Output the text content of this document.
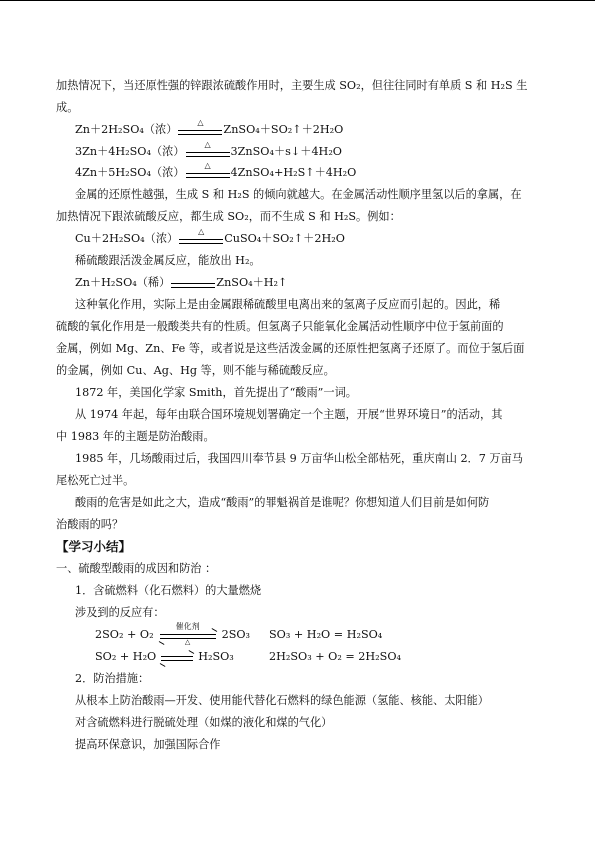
加热情况下，当还原性强的锌跟浓硫酸作用时，主要生成 SO₂，但往往同时有单质 S 和 H₂S 生
成。
Zn＋2H₂SO₄（浓）
△
ZnSO₄＋SO₂↑＋2H₂O
3Zn＋4H₂SO₄（浓）
△
3ZnSO₄＋s↓＋4H₂O
4Zn＋5H₂SO₄（浓）
△
4ZnSO₄+H₂S↑＋4H₂O
金属的还原性越强，生成 S 和 H₂S 的倾向就越大。在金属活动性顺序里氢以后的拿属，在
加热情况下跟浓硫酸反应，都生成 SO₂，而不生成 S 和 H₂S。例如：
Cu＋2H₂SO₄（浓）
△
CuSO₄＋SO₂↑＋2H₂O
稀硫酸跟活泼金属反应，能放出 H₂。
Zn＋H₂SO₄（稀）	ZnSO₄＋H₂↑
这种氧化作用，实际上是由金属跟稀硫酸里电离出来的氢离子反应而引起的。因此，稀
硫酸的氧化作用是一般酸类共有的性质。但氢离子只能氧化金属活动性顺序中位于氢前面的
金属，例如 Mg、Zn、Fe 等，或者说是这些活泼金属的还原性把氢离子还原了。而位于氢后面
的金属，例如 Cu、Ag、Hg 等，则不能与稀硫酸反应。
1872 年，美国化学家 Smith，首先提出了“酸雨”一词。
从 1974 年起，每年由联合国环境规划署确定一个主题，开展“世界环境日”的活动，其
中 1983 年的主题是防治酸雨。
1985 年，几场酸雨过后，我国四川奉节县 9 万亩华山松全部枯死，重庆南山 2．7 万亩马
尾松死亡过半。
酸雨的危害是如此之大，造成“酸雨”的罪魁祸首是谁呢？你想知道人们目前是如何防
治酸雨的吗？
【学习小结】
一、硫酸型酸雨的成因和防治 ：
1．含硫燃料（化石燃料）的大量燃烧
涉及到的反应有：
2SO₂ + O₂
催化剂
△
2SO₃ SO₃ + H₂O = H₂SO₄
SO₂ + H₂O ⇌ H₂SO₃	2H₂SO₃ + O₂ = 2H₂SO₄
2．防治措施：
从根本上防治酸雨—开发、使用能代替化石燃料的绿色能源（氢能、核能、太阳能）
对含硫燃料进行脱硫处理（如煤的液化和煤的气化）
提高环保意识，加强国际合作
